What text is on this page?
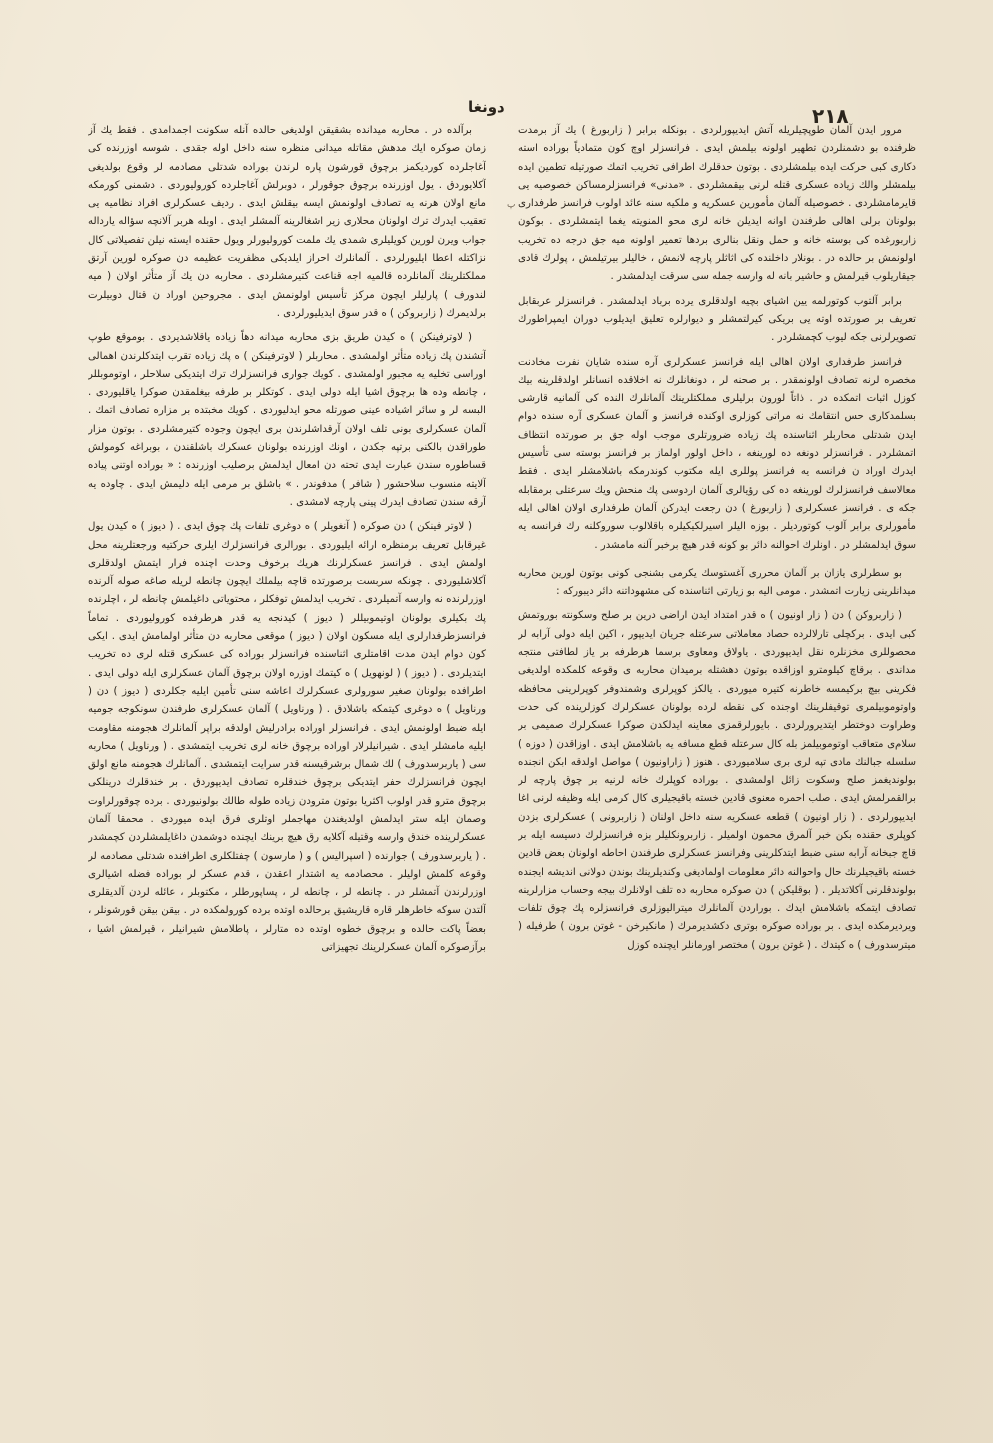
۲۱۸
دونغا
ﭖ

مرور ایدن آلمان طوپچیلریله آتش ایدیپورلردی . بونکله برابر ( زاربورغ ) یك آز برمدت ظرفنده بو دشمنلردن تطهیر اولونه بیلمش ایدی . فرانسزلر اوچ کون متمادیاً بوراده استه دکاری کبی حرکت ایده بیلمشلردی . بوتون حدقلرك اطرافی تخریب اتمك صورتیله تطمین ایده بیلمشلر والك زیاده عسکری قتله لرنی بیقمشلردی . «مدنی» فرانسزلرمساکن خصوصیه یی قایرمامشلردی . خصوصیله آلمان مأمورین عسکریه و ملکیه سنه عائد اولوب فرانسز طرفداری بولونان برلی اهالی طرفندن اوانه ایدیلن خانه لری محو المنویته یغما ایتمشلردی . بوکون زاربورغده کی بوسته خانه و حمل ونقل بنالری بردها تعمیر اولونه میه جق درجه ده تخریب اولونمش بر حالده در . بونلار داخلنده کی اثاثلر پارچه لانمش ، خالیلر بیرتیلمش ، پولرك قادی جیقاریلوب قیرلمش و حاشیر بانه له وارسه جمله سی سرقت ایدلمشدر .

برابر آلتوب کوتورلمه یین اشیای بچیه اولدقلری یرده برباد ایدلمشدر . فرانسزلر عربقابل تعریف بر صورتده اوته یی بریکی کیرلتمشلر و دیوارلره تعلیق ایدیلوب دوران ایمپراطورك تصویرلرنی جکه لیوب کچمشلردر .

فرانسز طرفداری اولان اهالی ایله فرانسز عسکرلری آره سنده شایان نفرت مخادنت مخصره لرنه تصادف اولونمقدر . بر صحنه لر ، دونغانلرك نه اخلاقده انسانلر اولدقلرینه بیك کوزل اثبات اتمکده در . ذاتاً لورون برلیلری مملکتلرینك آلمانلرك النده کی آلمانیه قارشی بسلمدکاری حس انتقامك نه مراتی کوزلری اوکنده فرانسز و آلمان عسکری آره سنده دوام ایدن شدتلی محاربلر اثناسنده پك زیاده ضرورتلری موجب اوله جق بر صورتده انتظاف اتمشلردر . فرانسزلر دونغه ده لورینغه ، داخل اولور اولماز بر فرانسز بوسته سی تأسیس ایدرك اوراد ن فرانسه یه فرانسز پوللری ایله مکتوب کوندرمکه باشلامشلر ایدی . فقط معالاسف فرانسزلرك لورینغه ده كی رؤیالری آلمان اردوسی پك منحش ویك سرعتلی برمقابله جکه ی . فرانسز عسکرلری ( زاربورغ ) دن رجعت ایدرکن آلمان طرفداری اولان اهالی ایله مأمورلری برابر آلوب کوتوردیلر . بوزه الیلر اسیرلكیكیلره باقلالوب سوروکلنه رك فرانسه یه سوق ایدلمشلر در . اونلرك احوالنه دائر بو کونه قدر هیچ برخبر آلنه مامشدر .

بو سطرلری یازان بر آلمان محرری آغستوسك یکرمی بشنجی کونی بوتون لورین محاربه میدانلرینی زیارت اتمشدر . مومی الیه بو زیارتی اثناسنده کی مشهوداتنه دائر دیبورکه :

( زاربروکن ) دن ( زار اونیون ) ه قدر امتداد ایدن اراضی درین بر صلح وسکونته بوروتمش کبی ایدی . برکچلی تارلالرده حصاد معاملاتی سرعتله جریان ایدیپور ، اکین ایله دولی آرابه لر محصوللری مخزنلره نقل ایدیپوردی . یاولاق ومعاوی برسما هرطرفه بر یاز لطافتی منتجه مداندی . برقاچ کیلومترو اوزاقده بوتون دهشتله برمیدان محاربه ی وقوعه کلمکده اولدیغی فکرینی بیچ برکیمسه خاطرنه کتیره میوردی . یالکز کوپرلری وشمندوفر کوپرلرینی محافظه واوتوموبیلمری توقیفلرینك اوجنده کی نقطه لرده بولونان عسکرلرك کوزلرینده کی حدت وطراوت دوختطر ایتدیرورلردی . بایورلرقمزی معاینه ایدلکدن صوکرا عسکرلرك صمیمی بر سلام‌ی متعاقب اوتوموبیلمز بله کال سرعتله قطع مسافه یه باشلامش ایدی . اوزاقدن ( دوزه ) سلسله جبالنك مادی تپه لری بری سلامیوردی . هنوز ( زاراونیون ) مواصل اولدقه ابکن انجنده بولوندیغمز صلح وسکوت زائل اولمشدی . بوراده کوپلرك خانه لرنیه بر چوق پارچه لر برالقمرلمش ایدی . صلب احمره معنوی قادین خسته باقیجیلری کال کرمی ایله وظیفه لرنی اغا ایدیپورلردی . ( زار اونیون ) قطعه عسکریه سنه داخل اولنان ( زاربرونی ) عسکرلری بزدن کوپلری حقنده بکن خبر آلمرق محمون اولمیلر . زاربرونکلیلر بزه فرانسزلرك دسیسه ایله بر قاچ جبخانه آرابه سنی ضبط ایتدکلرینی وفرانسز عسکرلری طرفندن احاطه اولونان بعض قادین خسته باقیجیلرنك حال واحوالنه دائر معلومات اولمادیغی وکندیلرینك بوندن دولانی اندیشه ایجنده بولوندقلرنی آکلاتدیلر . ( بوقلیکن ) دن صوکره محاربه ده تلف اولانلرك بیجه وحساب مزارلرینه تصادف ایتمکه باشلامش ایدك . بوراردن آلمانلرك میترالیوزلری فرانسزلره پك چوق تلفات ویردیرمکده ایدی . بر بوراده صوکره بوتری دکشدیرمرك ( مانکیرخن - غوتن برون ) طرفیله ( میترسدورف ) ه کیتدك . ( غوتن برون ) مختصر اورمانلر ایچنده کوزل

برآلده در . محاربه میدانده بشقیقن اولدیغی حالده آنله سکونت اجمدامدی . فقط یك آز زمان صوکره ایك مدهش مقاتله میدانی منظره سنه داخل اوله جقدی . شوسه اوزرنده کی آغاجلرده کوردیکمز برچوق قورشون پاره لرندن بوراده شدتلی مصادمه لر وقوع بولدیغی آکلایوردق . یول اوزرنده برچوق جوقورلر ، دوبرلش آغاجلرده کورولیوردی . دشمنی کورمکه مانع اولان هرنه یه تصادف اولونمش ایسه بیقلش ایدی . ردیف عسکرلری افراد نظامیه یی تعقیب ایدرك ترك اولونان محلاری زیر اشغالرینه آلمشلر ایدی . اوبله هربر آلانچه سؤاله یارداله جواب ویرن لورین کویلیلری شمدی یك ملمت کورولیورلر ویول حقنده ایسته نیلن تفصیلاتی کال نزاکتله اعطا ایلیورلردی . آلمانلرك احراز ایلدیکی مظفریت عظیمه دن صوکره لورین آرتق مملکتلرینك آلمانلرده قالمیه اجه قناعت کتیرمشلردی . محاربه دن یك آز متأثر اولان ( میه لندورف ) پارلیلر ایچون مرکز تأسیس اولونمش ایدی . مجروحین اوراد ن قتال دوبیلرت برلدیمرك ( زاربروکن ) ه قدر سوق ایدیلیورلردی .

( لاوترفینکن ) ه کیدن طریق بزی محاربه میدانه دهاً زیاده یاقلاشدیردی . بوموقع طوپ آتشندن پك زیاده متأثر اولمشدی . محاربلر ( لاوترفینکن ) ه پك زیاده تقرب ایتدکلرندن اهمالی اوراسی تخلیه یه مجبور اولمشدی . کویك جواری فرانسزلرك ترك ایتدیکی سلاحلر ، اوتوموبللر ، چانطه وده ها برچوق اشیا ایله دولی ایدی . کوتکلر بر طرفه بیغلمقدن صوکرا یاقلیوردی . البسه لر و سائر اشیاده عینی صورتله محو ایدلیوردی . کویك مخبتده بر مزاره تصادف اتمك . آلمان عسکرلری بونی تلف اولان آرقداشلرندن بری ایچون وجوده کتیرمشلردی . بوتون مزار طوراقدن بالکنی برتپه جکدن ، اونك اوزرنده بولونان عسکرك باشلقندن ، بوبراغه کومولش قساطوره سندن عبارت ایدی تحته دن امعال ایدلمش برصلیب اوزرنده : « بوراده اوتنی پیاده آلایته منسوب سلاحشور ( شافر ) مدفوندر . » باشلق بر مرمی ایله دلیمش ایدی . چاوده یه آرقه سندن تصادف ایدرك پینی پارچه لامشدی .

( لاوتر فینکن ) دن صوکره ( آنغویلر ) ه دوغری تلفات پك چوق ایدی . ( دیوز ) ه کیدن یول غیرقابل تعریف برمنظره ارائه ایلیوردی . بورالری فرانسزلرك ایلری حرکتیه ورجعتلرینه محل اولمش ایدی . فرانسز عسکرلرنك هریك برخوف وحدت اچنده فرار ایتمش اولدقلری آکلاشلیوردی . چونکه سربست برصورتده قاچه بیلملك ایچون چانطه لریله صاغه صوله آلرنده اوزرلرنده نه وارسه آتمیلردی . تخریب ایدلمش توفکلر ، محتویاتی داغیلمش چانطه لر ، اچلرنده پك بکیلری بولونان اوتیموبیللر ( دیوز ) کیدنجه یه قدر هرطرفده کورولیوردی . تماماً فرانسزطرفدارلری ایله مسکون اولان ( دیوز ) موقعی محاربه دن متأثر اولمامش ایدی . ایکی کون دوام ایدن مدت اقامتلری اثناسنده فرانسزلر بوراده کی عسکری قتله لری ده تخریب ایتدیلردی . ( دیوز ) ( لونهویل ) ه کیتمك اوزره اولان برچوق آلمان عسکرلری ایله دولی ایدی . اطرافده بولونان صغیر سورولری عسکرلرك اعاشه سنی تأمین ایلیه جکلردی ( دیوز ) دن ( ورناویل ) ه دوغری کیتمکه باشلادق . ( ورناویل ) آلمان عسکرلری طرفندن سونکوجه جومیه ایله ضبط اولونمش ایدی . فرانسزلر اوراده برادرلیش اولدقه براپر آلمانلرك هجومنه مقاومت ایلیه مامشلر ایدی . شیرانیلرلار اوراده برچوق خانه لری تخریب ایتمشدی . ( ورناویل ) محاربه سی ( یاربرسدورف ) لك شمال برشرقیسنه قدر سرایت ایتمشدی . آلمانلرك هجومنه مانع اولق ایچون فرانسزلرك حفر ایتدیکی برچوق خندقلره تصادف ایدیپوردق . بر خندقلرك درینلکی برچوق مترو قدر اولوب اکثریا بوتون مترودن زیاده طوله طالك بولونیوردی . برده چوقورلراوت وصمان ایله ستر ایدلمش اولدیغندن مهاجملر اوتلری فرق ایده میوردی . محمقا آلمان عسکرلرینده خندق وارسه وقتیله آکلایه رق هیچ برینك ایچنده دوشمدن داغایلمشلردن کچمشدر . ( یاربرسدورف ) جوارنده ( اسپرالیس ) و ( مارسون ) چفتلکلری اطرافنده شدتلی مصادمه لر وقوعه کلمش اولیلر . محصادمه یه اشتدار اعقدن ، قدم عسکر لر بوراده فضله اشیالری اوزرلرندن آتمشلر در . چانطه لر ، چانطه لر ، پساپورطلر ، مکتوبلر ، عائله لردن آلدیقلری آلتدن سوکه خاطرهلر قاره قاریشیق برحالده اوتده برده کورولمکده در . بیقن بیقن قورشونلر ، بعضاً پاکت حالده و برچوق خطوه اوتده ده متارلر ، پاطلامش شیرانیلر ، قیرلمش اشیا ، برآزصوکره آلمان عسکرلرینك تجهیزاتی
